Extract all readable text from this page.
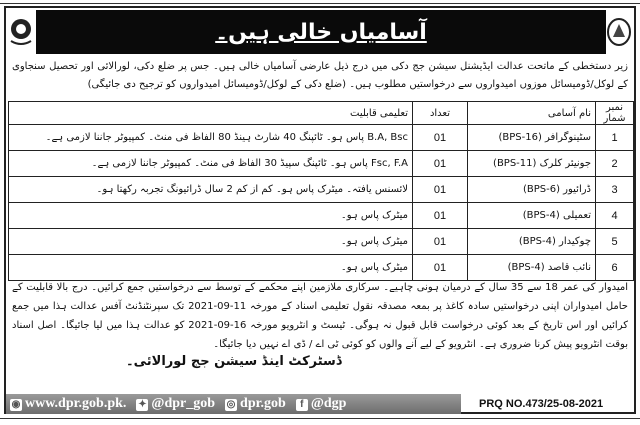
آسامیاں خالی ہیں۔
زیر دستخطی کے ماتحت عدالت ایڈیشنل سیشن جج دکی میں درج ذیل عارضی آسامیاں خالی ہیں۔ جس پر ضلع دکی، لورالائی اور تحصیل سنجاوی کے لوکل/ڈومیسائل موزوں امیدواروں سے درخواستیں مطلوب ہیں۔ (ضلع دکی کے لوکل/ڈومیسائل امیدواروں کو ترجیح دی جائیگی)
نمبر شمار	نام آسامی	تعداد	تعلیمی قابلیت
1	سٹینوگرافر (BPS-16)	01	B.A, Bsc پاس ہو۔ ٹائپنگ 40 شارٹ ہینڈ 80 الفاظ فی منٹ۔ کمپیوٹر جاننا لازمی ہے۔
2	جونیئر کلرک (BPS-11)	01	Fsc, F.A پاس ہو۔ ٹائپنگ سپیڈ 30 الفاظ فی منٹ۔ کمپیوٹر جاننا لازمی ہے۔
3	ڈرائیور (BPS-6)	01	لائسنس یافتہ۔ میٹرک پاس ہو۔ کم از کم 2 سال ڈرائیونگ تجربہ رکھتا ہو۔
4	تعمیلی (BPS-4)	01	میٹرک پاس ہو۔
5	چوکیدار (BPS-4)	01	میٹرک پاس ہو۔
6	نائب قاصد (BPS-4)	01	میٹرک پاس ہو۔
امیدوار کی عمر 18 سے 35 سال کے درمیان ہونی چاہیے۔ سرکاری ملازمین اپنے محکمے کے توسط سے درخواستیں جمع کرائیں۔ درج بالا قابلیت کے حامل امیدواران اپنی درخواستیں سادہ کاغذ پر بمعہ مصدقہ نقول تعلیمی اسناد کے مورخہ 11-09-2021 تک سپرنٹنڈنٹ آفس عدالت ہذا میں جمع کرائیں اور اس تاریخ کے بعد کوئی درخواست قابل قبول نہ ہوگی۔ ٹیسٹ و انٹرویو مورخہ 16-09-2021 کو عدالت ہذا میں لیا جائیگا۔ اصل اسناد بوقت انٹرویو پیش کرنا ضروری ہے۔ انٹرویو کے لیے آنے والوں کو کوئی ٹی اے / ڈی اے نہیں دیا جائیگا۔
ڈسٹرکٹ اینڈ سیشن جج لورالائی۔
◉ www.dpr.gob.pk. ✦ @dpr_gob ◎ dpr.gob	f @dgp	PRQ NO.473/25-08-2021
